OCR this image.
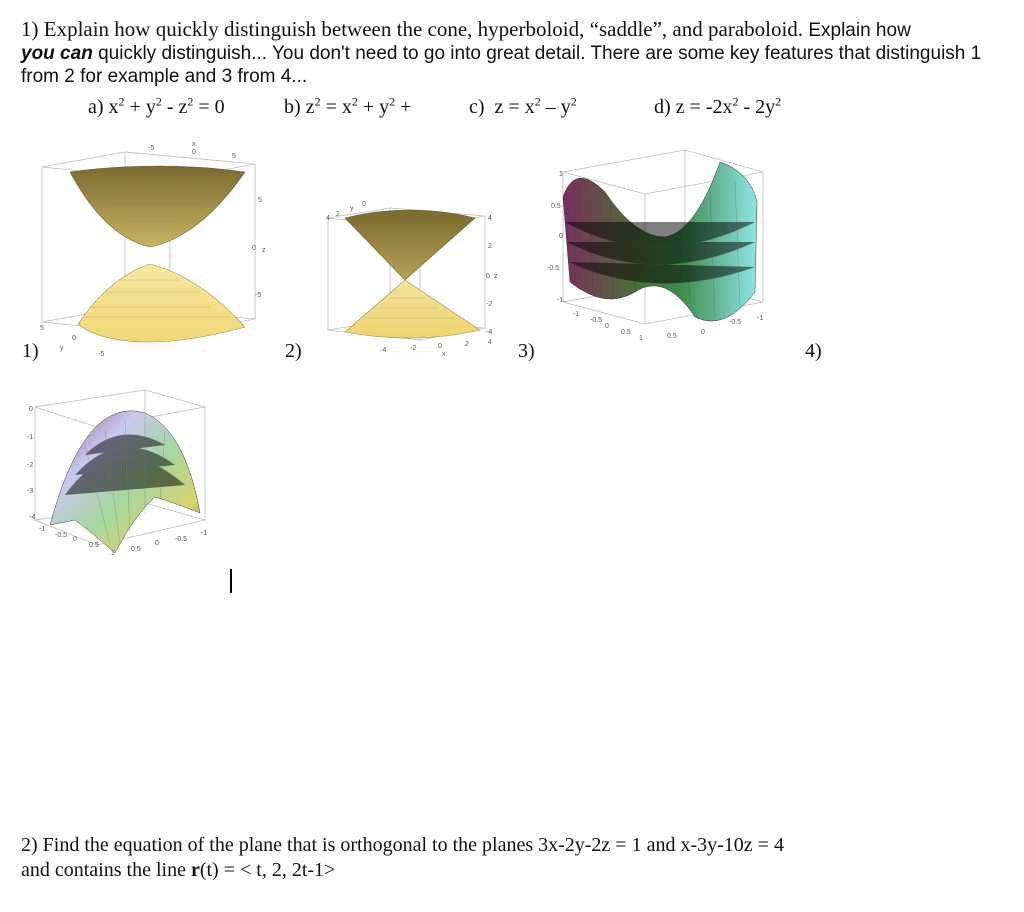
1) Explain how quickly distinguish between the cone, hyperboloid, “saddle”, and paraboloid. Explain how
you can quickly distinguish... You don't need to go into great detail. There are some key features that distinguish 1 from 2 for example and 3 from 4...
a) $x^2 + y^2 - z^2 = 0$	b) $z^2 = x^2 + y^2$ +	c) $z = x^2 - y^2$	d) $z = -2x^2 - 2y^2$
-5
0
5
x
5
0 z
-5
5
0
y
-5
4
2
y
0
4
2
0 z
-2
-4
-4	-2	0
x
2	4
1
0.5
0
-0.5
-1
-1
-0.5
0
0.5
1	0.5
0
-0.5
-1
0
-1
-2
-3
-4
-1
-0.5
0
0.5
1
0.5
0
-0.5
-1
1)	2)	3)	4)
2) Find the equation of the plane that is orthogonal to the planes 3x-2y-2z = 1 and x-3y-10z = 4
and contains the line r(t) = < t, 2, 2t-1>
